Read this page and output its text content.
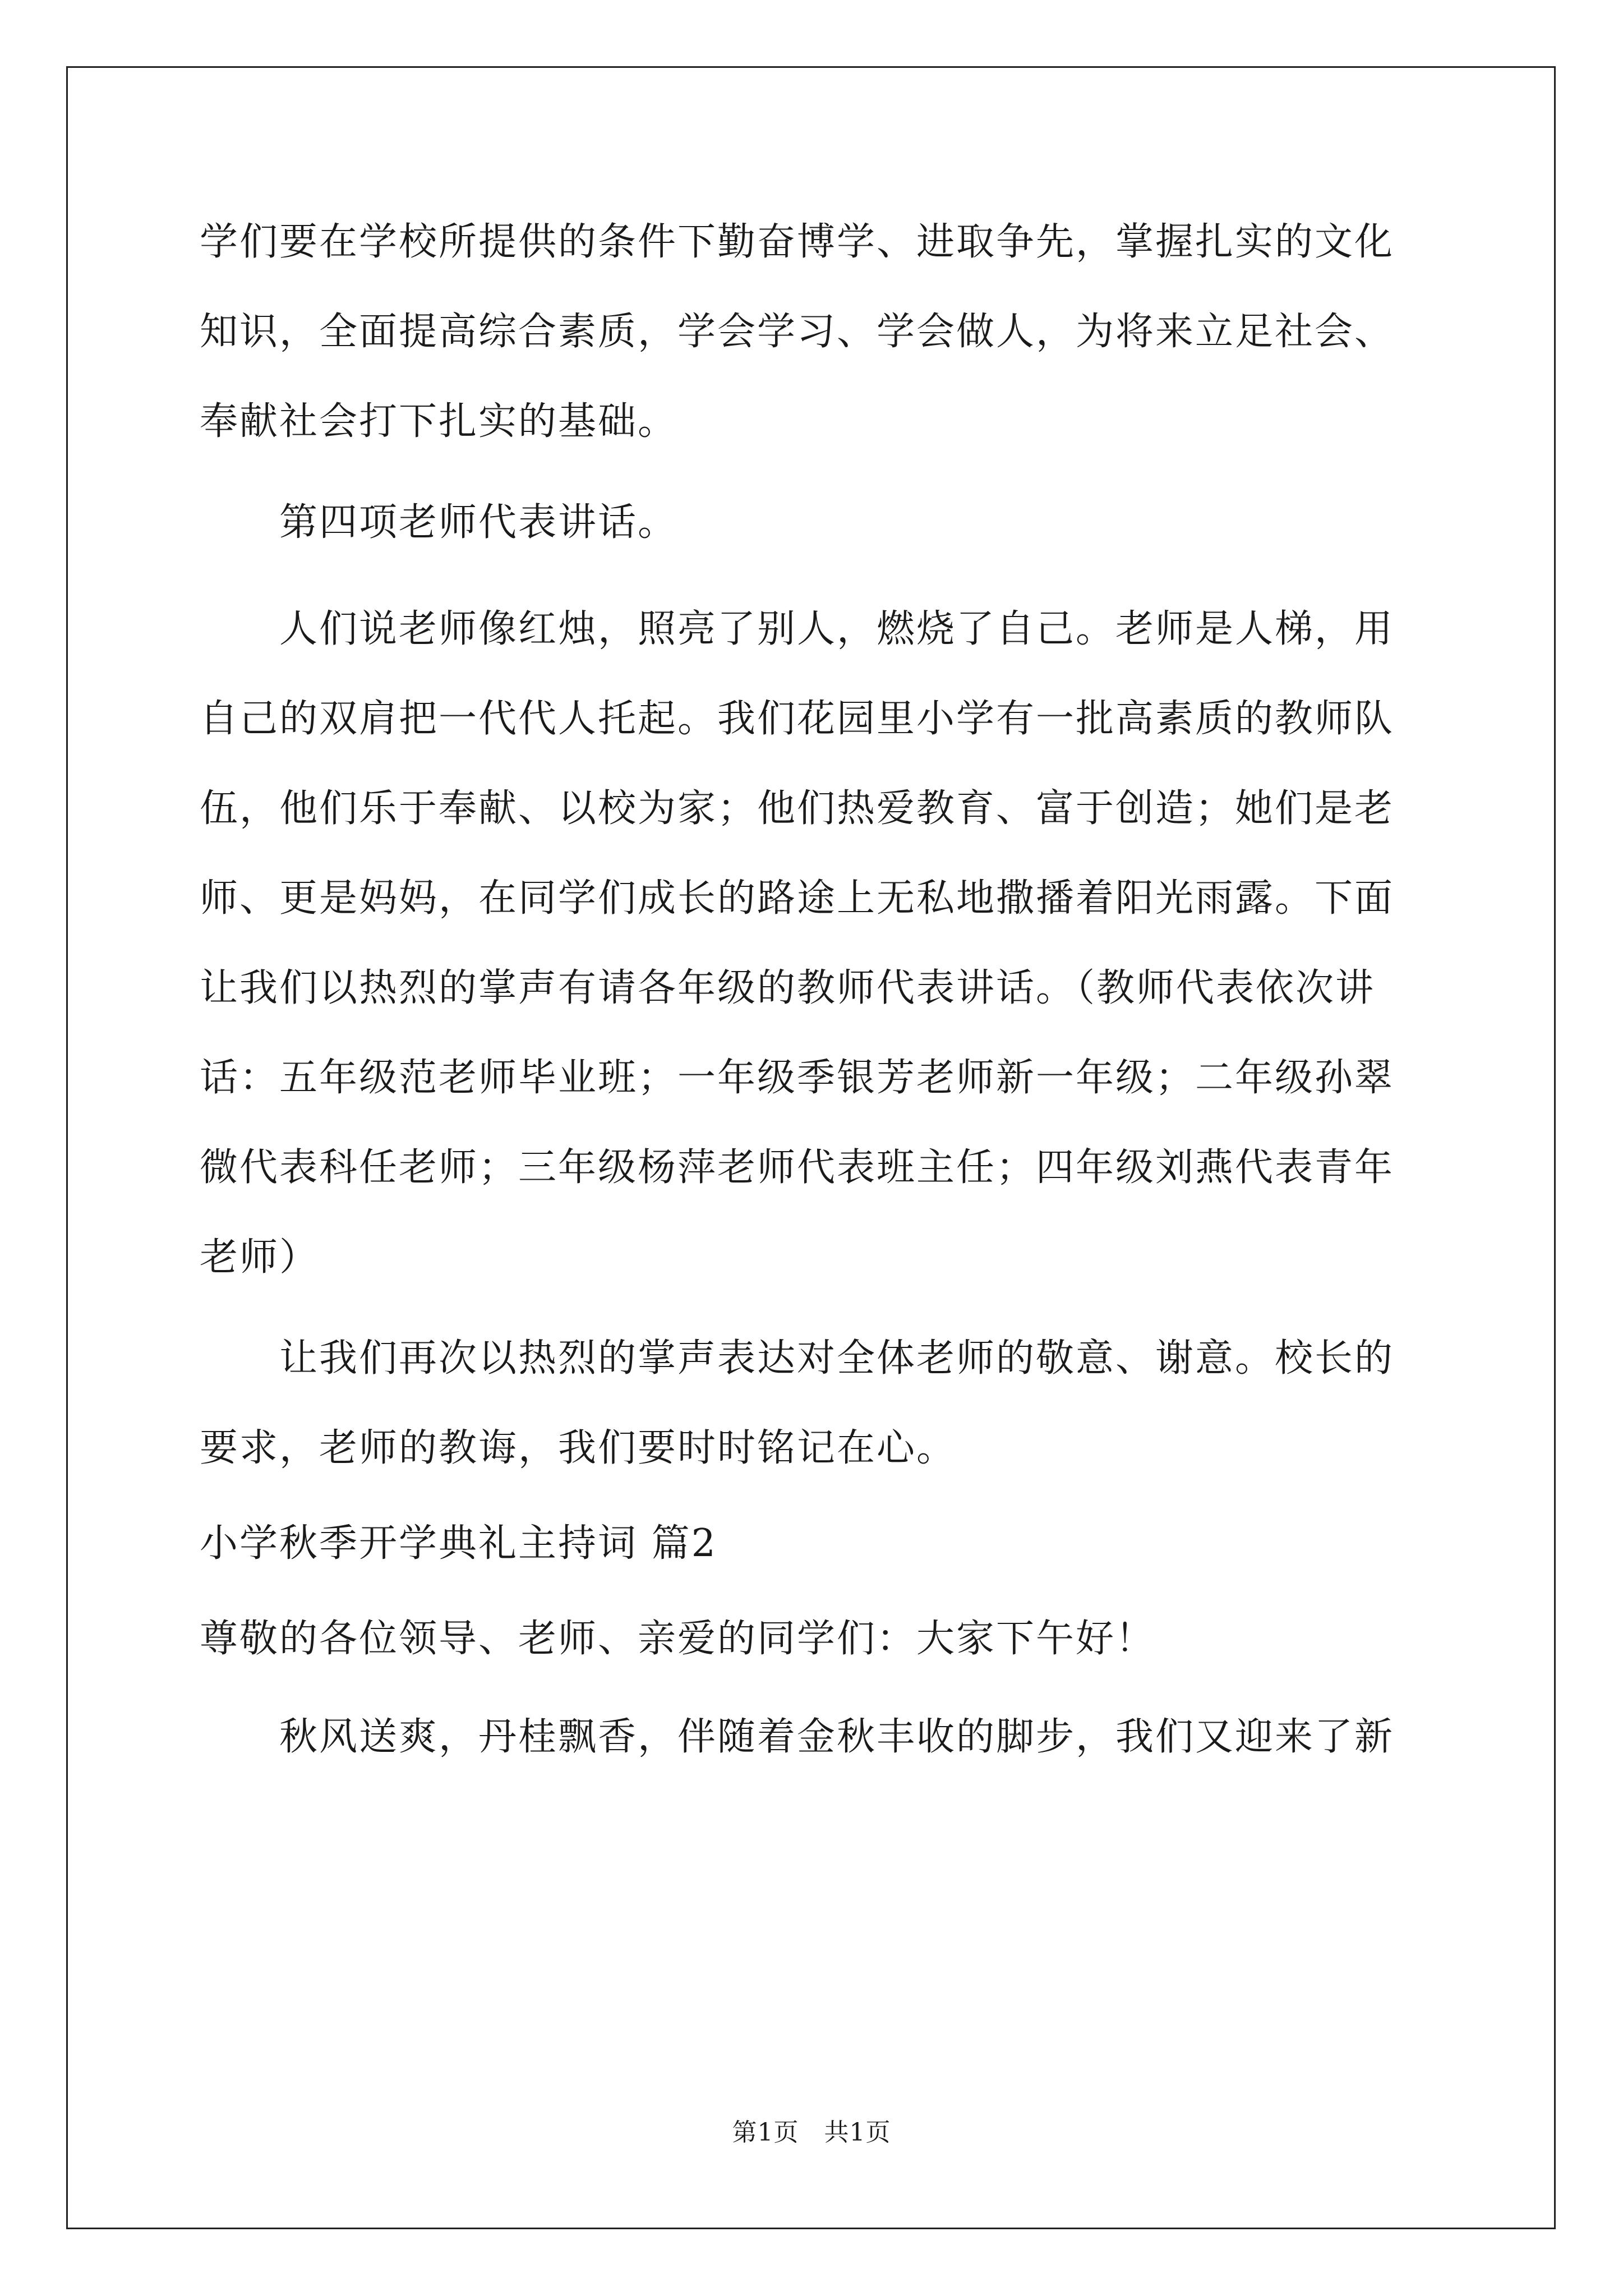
学们要在学校所提供的条件下勤奋博学、进取争先，掌握扎实的文化
知识，全面提高综合素质，学会学习、学会做人，为将来立足社会、
奉献社会打下扎实的基础。
　　第四项老师代表讲话。
　　人们说老师像红烛，照亮了别人，燃烧了自己。老师是人梯，用
自己的双肩把一代代人托起。我们花园里小学有一批高素质的教师队
伍，他们乐于奉献、以校为家；他们热爱教育、富于创造；她们是老
师、更是妈妈，在同学们成长的路途上无私地撒播着阳光雨露。下面
让我们以热烈的掌声有请各年级的教师代表讲话。（教师代表依次讲
话：五年级范老师毕业班；一年级季银芳老师新一年级；二年级孙翠
微代表科任老师；三年级杨萍老师代表班主任；四年级刘燕代表青年
老师）
　　让我们再次以热烈的掌声表达对全体老师的敬意、谢意。校长的
要求，老师的教诲，我们要时时铭记在心。
小学秋季开学典礼主持词 篇2
尊敬的各位领导、老师、亲爱的同学们：大家下午好！
　　秋风送爽，丹桂飘香，伴随着金秋丰收的脚步，我们又迎来了新
第1页　共1页
